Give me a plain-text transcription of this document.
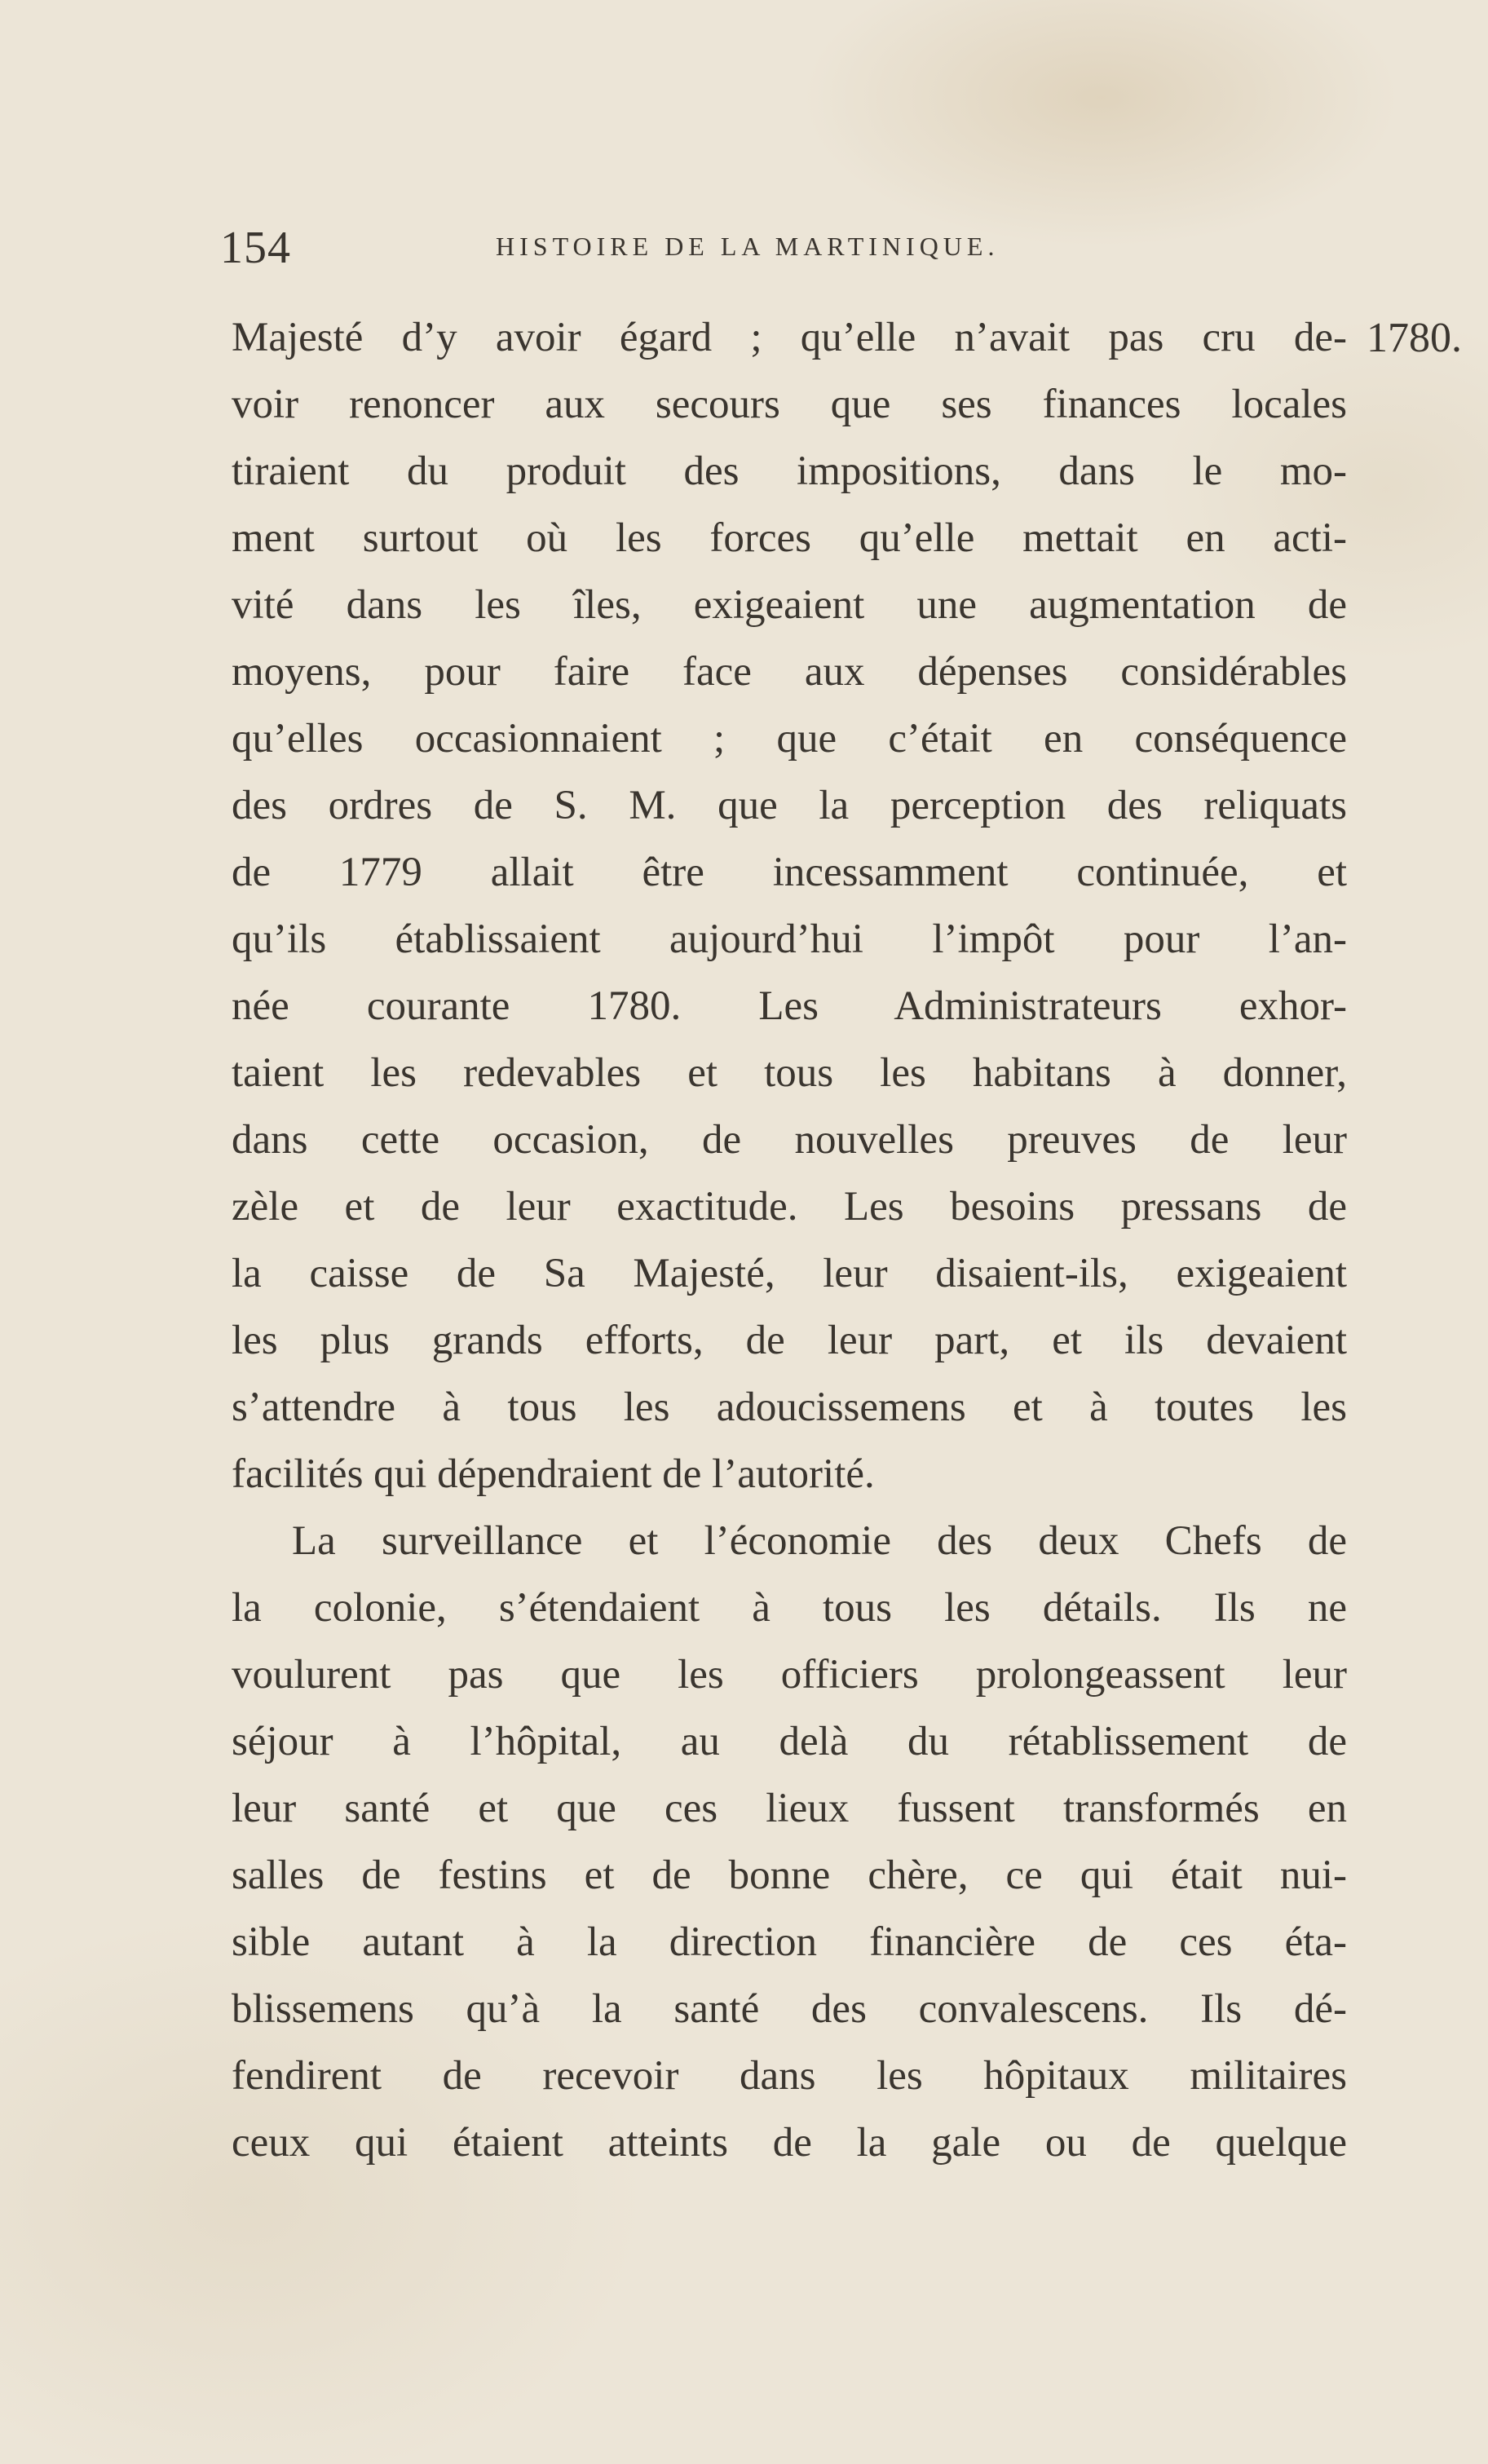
154	HISTOIRE DE LA MARTINIQUE.
1780.
Majesté d’y avoir égard ; qu’elle n’avait pas cru de-
voir renoncer aux secours que ses finances locales
tiraient du produit des impositions, dans le mo-
ment surtout où les forces qu’elle mettait en acti-
vité dans les îles, exigeaient une augmentation de
moyens, pour faire face aux dépenses considérables
qu’elles occasionnaient ; que c’était en conséquence
des ordres de S. M. que la perception des reliquats
de 1779 allait être incessamment continuée, et
qu’ils établissaient aujourd’hui l’impôt pour l’an-
née courante 1780. Les Administrateurs exhor-
taient les redevables et tous les habitans à donner,
dans cette occasion, de nouvelles preuves de leur
zèle et de leur exactitude. Les besoins pressans de
la caisse de Sa Majesté, leur disaient-ils, exigeaient
les plus grands efforts, de leur part, et ils devaient
s’attendre à tous les adoucissemens et à toutes les
facilités qui dépendraient de l’autorité.
La surveillance et l’économie des deux Chefs de
la colonie, s’étendaient à tous les détails. Ils ne
voulurent pas que les officiers prolongeassent leur
séjour à l’hôpital, au delà du rétablissement de
leur santé et que ces lieux fussent transformés en
salles de festins et de bonne chère, ce qui était nui-
sible autant à la direction financière de ces éta-
blissemens qu’à la santé des convalescens. Ils dé-
fendirent de recevoir dans les hôpitaux militaires
ceux qui étaient atteints de la gale ou de quelque
